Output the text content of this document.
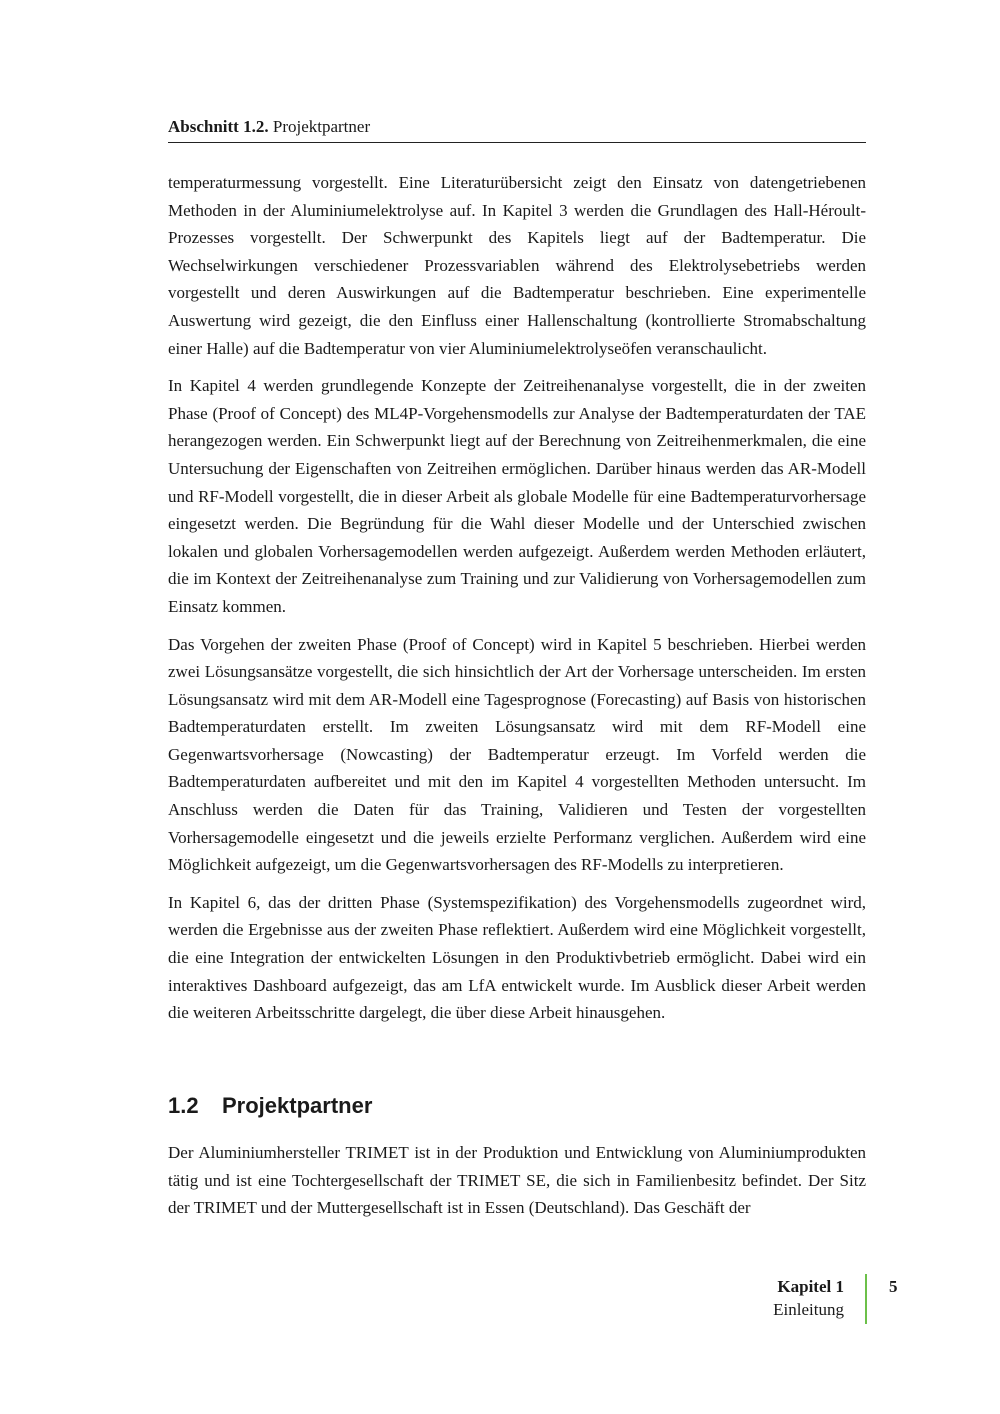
Abschnitt 1.2. Projektpartner

temperaturmessung vorgestellt. Eine Literaturübersicht zeigt den Einsatz von datengetriebenen Methoden in der Aluminiumelektrolyse auf. In Kapitel 3 werden die Grundlagen des Hall-Héroult-Prozesses vorgestellt. Der Schwerpunkt des Kapitels liegt auf der Badtemperatur. Die Wechselwirkungen verschiedener Prozessvariablen während des Elektrolysebetriebs werden vorgestellt und deren Auswirkungen auf die Badtemperatur beschrieben. Eine experimentelle Auswertung wird gezeigt, die den Einfluss einer Hallenschaltung (kontrollierte Stromabschaltung einer Halle) auf die Badtemperatur von vier Aluminiumelektrolyseöfen veranschaulicht.

In Kapitel 4 werden grundlegende Konzepte der Zeitreihenanalyse vorgestellt, die in der zweiten Phase (Proof of Concept) des ML4P-Vorgehensmodells zur Analyse der Badtemperaturdaten der TAE herangezogen werden. Ein Schwerpunkt liegt auf der Berechnung von Zeitreihenmerkmalen, die eine Untersuchung der Eigenschaften von Zeitreihen ermöglichen. Darüber hinaus werden das AR-Modell und RF-Modell vorgestellt, die in dieser Arbeit als globale Modelle für eine Badtemperaturvorhersage eingesetzt werden. Die Begründung für die Wahl dieser Modelle und der Unterschied zwischen lokalen und globalen Vorhersagemodellen werden aufgezeigt. Außerdem werden Methoden erläutert, die im Kontext der Zeitreihenanalyse zum Training und zur Validierung von Vorhersagemodellen zum Einsatz kommen.

Das Vorgehen der zweiten Phase (Proof of Concept) wird in Kapitel 5 beschrieben. Hierbei werden zwei Lösungsansätze vorgestellt, die sich hinsichtlich der Art der Vorhersage unterscheiden. Im ersten Lösungsansatz wird mit dem AR-Modell eine Tagesprognose (Forecasting) auf Basis von historischen Badtemperaturdaten erstellt. Im zweiten Lösungsansatz wird mit dem RF-Modell eine Gegenwartsvorhersage (Nowcasting) der Badtemperatur erzeugt. Im Vorfeld werden die Badtemperaturdaten aufbereitet und mit den im Kapitel 4 vorgestellten Methoden untersucht. Im Anschluss werden die Daten für das Training, Validieren und Testen der vorgestellten Vorhersagemodelle eingesetzt und die jeweils erzielte Performanz verglichen. Außerdem wird eine Möglichkeit aufgezeigt, um die Gegenwartsvorhersagen des RF-Modells zu interpretieren.

In Kapitel 6, das der dritten Phase (Systemspezifikation) des Vorgehensmodells zugeordnet wird, werden die Ergebnisse aus der zweiten Phase reflektiert. Außerdem wird eine Möglichkeit vorgestellt, die eine Integration der entwickelten Lösungen in den Produktivbetrieb ermöglicht. Dabei wird ein interaktives Dashboard aufgezeigt, das am LfA entwickelt wurde. Im Ausblick dieser Arbeit werden die weiteren Arbeitsschritte dargelegt, die über diese Arbeit hinausgehen.

1.2 Projektpartner

Der Aluminiumhersteller TRIMET ist in der Produktion und Entwicklung von Aluminiumprodukten tätig und ist eine Tochtergesellschaft der TRIMET SE, die sich in Familienbesitz befindet. Der Sitz der TRIMET und der Muttergesellschaft ist in Essen (Deutschland). Das Geschäft der

Kapitel 1
Einleitung
5
